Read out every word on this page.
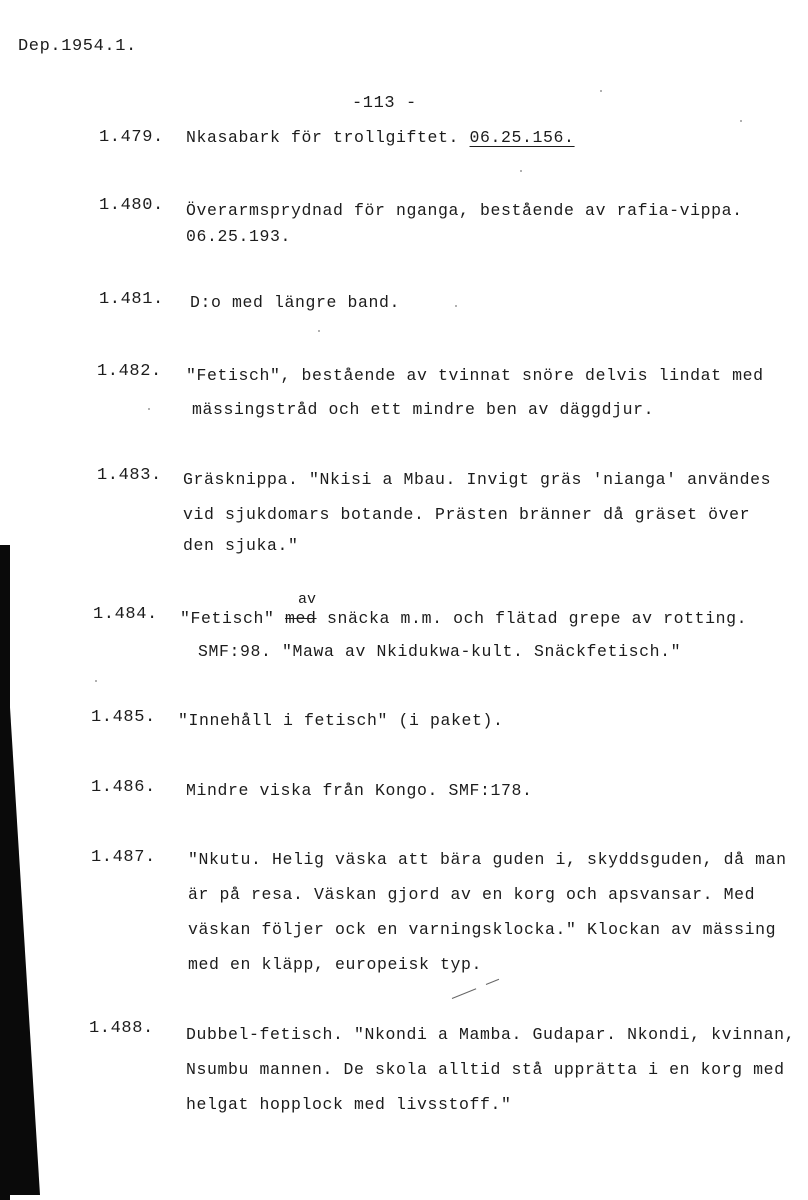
Dep.1954.1.
-113 -
1.479. Nkasabark för trollgiftet. 06.25.156.
1.480. Överarmsprydnad för nganga, bestående av rafia-vippa.
06.25.193.
1.481. D:o med längre band.
1.482. "Fetisch", bestående av tvinnat snöre delvis lindat med
mässingstråd och ett mindre ben av däggdjur.
1.483. Gräsknippa. "Nkisi a Mbau. Invigt gräs 'nianga' användes
vid sjukdomars botande. Prästen bränner då gräset över
den sjuka."
av
1.484. "Fetisch" med snäcka m.m. och flätad grepe av rotting.
SMF:98. "Mawa av Nkidukwa-kult. Snäckfetisch."
1.485. "Innehåll i fetisch" (i paket).
1.486. Mindre viska från Kongo. SMF:178.
1.487. "Nkutu. Helig väska att bära guden i, skyddsguden, då man
är på resa. Väskan gjord av en korg och apsvansar. Med
väskan följer ock en varningsklocka." Klockan av mässing
med en kläpp, europeisk typ.
1.488. Dubbel-fetisch. "Nkondi a Mamba. Gudapar. Nkondi, kvinnan,
Nsumbu mannen. De skola alltid stå upprätta i en korg med
helgat hopplock med livsstoff."
